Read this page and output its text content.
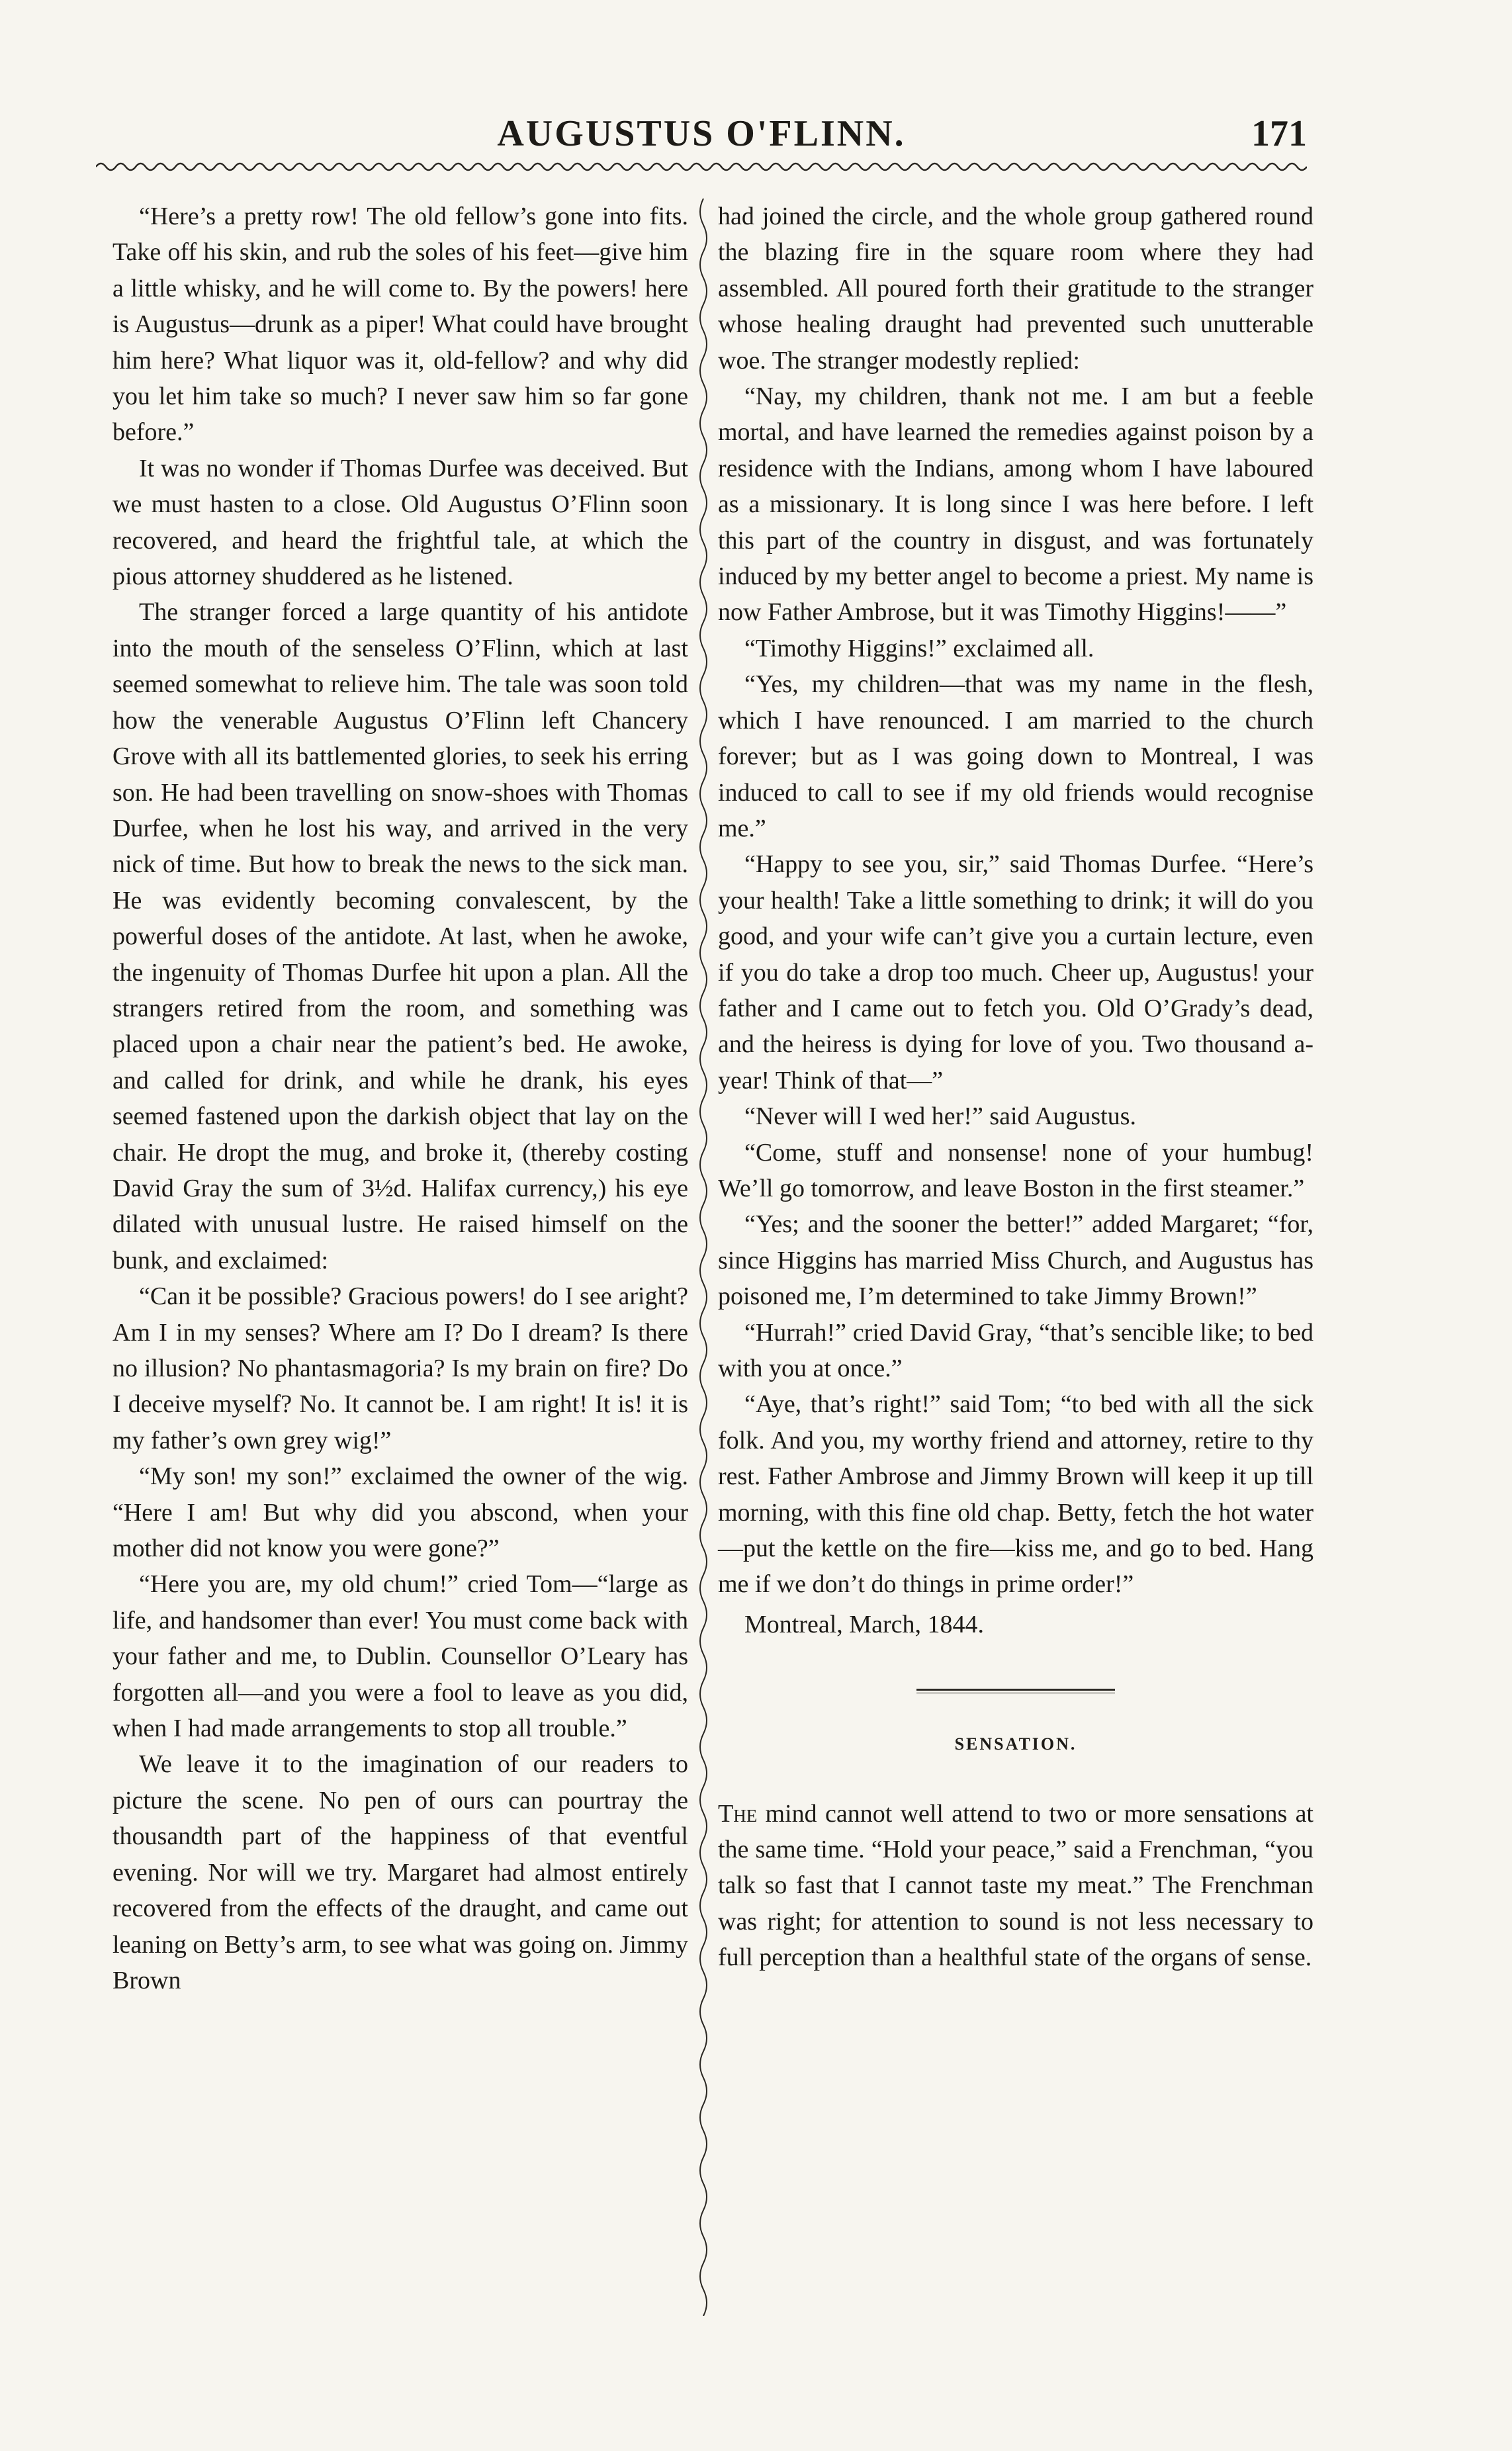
AUGUSTUS O'FLINN.	171

“Here’s a pretty row! The old fellow’s gone into fits. Take off his skin, and rub the soles of his feet—give him a little whisky, and he will come to. By the powers! here is Augustus—drunk as a piper! What could have brought him here? What liquor was it, old-fellow? and why did you let him take so much? I never saw him so far gone before.”

It was no wonder if Thomas Durfee was deceived. But we must hasten to a close. Old Augustus O’Flinn soon recovered, and heard the frightful tale, at which the pious attorney shuddered as he listened.

The stranger forced a large quantity of his antidote into the mouth of the senseless O’Flinn, which at last seemed somewhat to relieve him. The tale was soon told how the venerable Augustus O’Flinn left Chancery Grove with all its battlemented glories, to seek his erring son. He had been travelling on snow-shoes with Thomas Durfee, when he lost his way, and arrived in the very nick of time. But how to break the news to the sick man. He was evidently becoming convalescent, by the powerful doses of the antidote. At last, when he awoke, the ingenuity of Thomas Durfee hit upon a plan. All the strangers retired from the room, and something was placed upon a chair near the patient’s bed. He awoke, and called for drink, and while he drank, his eyes seemed fastened upon the darkish object that lay on the chair. He dropt the mug, and broke it, (thereby costing David Gray the sum of 3½d. Halifax currency,) his eye dilated with unusual lustre. He raised himself on the bunk, and exclaimed:

“Can it be possible? Gracious powers! do I see aright? Am I in my senses? Where am I? Do I dream? Is there no illusion? No phantasmagoria? Is my brain on fire? Do I deceive myself? No. It cannot be. I am right! It is! it is my father’s own grey wig!”

“My son! my son!” exclaimed the owner of the wig. “Here I am! But why did you abscond, when your mother did not know you were gone?”

“Here you are, my old chum!” cried Tom—“large as life, and handsomer than ever! You must come back with your father and me, to Dublin. Counsellor O’Leary has forgotten all—and you were a fool to leave as you did, when I had made arrangements to stop all trouble.”

We leave it to the imagination of our readers to picture the scene. No pen of ours can pourtray the thousandth part of the happiness of that eventful evening. Nor will we try. Margaret had almost entirely recovered from the effects of the draught, and came out leaning on Betty’s arm, to see what was going on. Jimmy Brown

had joined the circle, and the whole group gathered round the blazing fire in the square room where they had assembled. All poured forth their gratitude to the stranger whose healing draught had prevented such unutterable woe. The stranger modestly replied:

“Nay, my children, thank not me. I am but a feeble mortal, and have learned the remedies against poison by a residence with the Indians, among whom I have laboured as a missionary. It is long since I was here before. I left this part of the country in disgust, and was fortunately induced by my better angel to become a priest. My name is now Father Ambrose, but it was Timothy Higgins!——”

“Timothy Higgins!” exclaimed all.

“Yes, my children—that was my name in the flesh, which I have renounced. I am married to the church forever; but as I was going down to Montreal, I was induced to call to see if my old friends would recognise me.”

“Happy to see you, sir,” said Thomas Durfee. “Here’s your health! Take a little something to drink; it will do you good, and your wife can’t give you a curtain lecture, even if you do take a drop too much. Cheer up, Augustus! your father and I came out to fetch you. Old O’Grady’s dead, and the heiress is dying for love of you. Two thousand a-year! Think of that—”

“Never will I wed her!” said Augustus.

“Come, stuff and nonsense! none of your humbug! We’ll go tomorrow, and leave Boston in the first steamer.”

“Yes; and the sooner the better!” added Margaret; “for, since Higgins has married Miss Church, and Augustus has poisoned me, I’m determined to take Jimmy Brown!”

“Hurrah!” cried David Gray, “that’s sencible like; to bed with you at once.”

“Aye, that’s right!” said Tom; “to bed with all the sick folk. And you, my worthy friend and attorney, retire to thy rest. Father Ambrose and Jimmy Brown will keep it up till morning, with this fine old chap. Betty, fetch the hot water—put the kettle on the fire—kiss me, and go to bed. Hang me if we don’t do things in prime order!”

Montreal, March, 1844.

SENSATION.

The mind cannot well attend to two or more sensations at the same time. “Hold your peace,” said a Frenchman, “you talk so fast that I cannot taste my meat.” The Frenchman was right; for attention to sound is not less necessary to full perception than a healthful state of the organs of sense.
